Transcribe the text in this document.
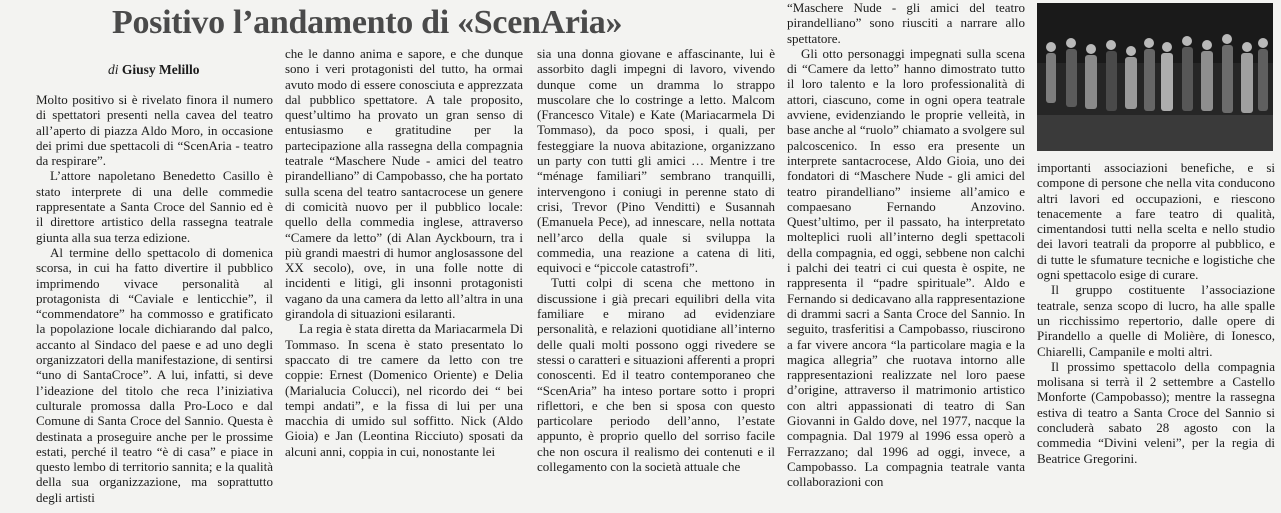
Positivo l’andamento di «ScenAria»
di Giusy Melillo

Molto positivo si è rivelato finora il numero di spettatori presenti nella cavea del teatro all’aperto di piazza Aldo Moro, in occasione dei primi due spettacoli di “ScenAria - teatro da respirare”.

L’attore napoletano Benedetto Casillo è stato interprete di una delle commedie rappresentate a Santa Croce del Sannio ed è il direttore artistico della rassegna teatrale giunta alla sua terza edizione.

Al termine dello spettacolo di domenica scorsa, in cui ha fatto divertire il pubblico imprimendo vivace personalità al protagonista di “Caviale e lenticchie”, il “commendatore” ha commosso e gratificato la popolazione locale dichiarando dal palco, accanto al Sindaco del paese e ad uno degli organizzatori della manifestazione, di sentirsi “uno di SantaCroce”. A lui, infatti, si deve l’ideazione del titolo che reca l’iniziativa culturale promossa dalla Pro-Loco e dal Comune di Santa Croce del Sannio. Questa è destinata a proseguire anche per le prossime estati, perché il teatro “è di casa” e piace in questo lembo di territorio sannita; e la qualità della sua organizzazione, ma soprattutto degli artisti

che le danno anima e sapore, e che dunque sono i veri protagonisti del tutto, ha ormai avuto modo di essere conosciuta e apprezzata dal pubblico spettatore. A tale proposito, quest’ultimo ha provato un gran senso di entusiasmo e gratitudine per la partecipazione alla rassegna della compagnia teatrale “Maschere Nude - amici del teatro pirandelliano” di Campobasso, che ha portato sulla scena del teatro santacrocese un genere di comicità nuovo per il pubblico locale: quello della commedia inglese, attraverso “Camere da letto” (di Alan Ayckbourn, tra i più grandi maestri di humor anglosassone del XX secolo), ove, in una folle notte di incidenti e litigi, gli insonni protagonisti vagano da una camera da letto all’altra in una girandola di situazioni esilaranti.

La regia è stata diretta da Mariacarmela Di Tommaso. In scena è stato presentato lo spaccato di tre camere da letto con tre coppie: Ernest (Domenico Oriente) e Delia (Marialucia Colucci), nel ricordo dei “ bei tempi andati”, e la fissa di lui per una macchia di umido sul soffitto. Nick (Aldo Gioia) e Jan (Leontina Ricciuto) sposati da alcuni anni, coppia in cui, nonostante lei

sia una donna giovane e affascinante, lui è assorbito dagli impegni di lavoro, vivendo dunque come un dramma lo strappo muscolare che lo costringe a letto. Malcom (Francesco Vitale) e Kate (Mariacarmela Di Tommaso), da poco sposi, i quali, per festeggiare la nuova abitazione, organizzano un party con tutti gli amici … Mentre i tre “ménage familiari” sembrano tranquilli, intervengono i coniugi in perenne stato di crisi, Trevor (Pino Venditti) e Susannah (Emanuela Pece), ad innescare, nella nottata nell’arco della quale si sviluppa la commedia, una reazione a catena di liti, equivoci e “piccole catastrofi”.

Tutti colpi di scena che mettono in discussione i già precari equilibri della vita familiare e mirano ad evidenziare personalità, e relazioni quotidiane all’interno delle quali molti possono oggi rivedere se stessi o caratteri e situazioni afferenti a propri conoscenti. Ed il teatro contemporaneo che “ScenAria” ha inteso portare sotto i propri riflettori, e che ben si sposa con questo particolare periodo dell’anno, l’estate appunto, è proprio quello del sorriso facile che non oscura il realismo dei contenuti e il collegamento con la società attuale che

“Maschere Nude - gli amici del teatro pirandelliano” sono riusciti a narrare allo spettatore.

Gli otto personaggi impegnati sulla scena di “Camere da letto” hanno dimostrato tutto il loro talento e la loro professionalità di attori, ciascuno, come in ogni opera teatrale avviene, evidenziando le proprie velleità, in base anche al “ruolo” chiamato a svolgere sul palcoscenico. In esso era presente un interprete santacrocese, Aldo Gioia, uno dei fondatori di “Maschere Nude - gli amici del teatro pirandelliano” insieme all’amico e compaesano Fernando Anzovino. Quest’ultimo, per il passato, ha interpretato molteplici ruoli all’interno degli spettacoli della compagnia, ed oggi, sebbene non calchi i palchi dei teatri ci cui questa è ospite, ne rappresenta il “padre spirituale”. Aldo e Fernando si dedicavano alla rappresentazione di drammi sacri a Santa Croce del Sannio. In seguito, trasferitisi a Campobasso, riuscirono a far vivere ancora “la particolare magia e la magica allegria” che ruotava intorno alle rappresentazioni realizzate nel loro paese d’origine, attraverso il matrimonio artistico con altri appassionati di teatro di San Giovanni in Galdo dove, nel 1977, nacque la compagnia. Dal 1979 al 1996 essa operò a Ferrazzano; dal 1996 ad oggi, invece, a Campobasso. La compagnia teatrale vanta collaborazioni con

importanti associazioni benefiche, e si compone di persone che nella vita conducono altri lavori ed occupazioni, e riescono tenacemente a fare teatro di qualità, cimentandosi tutti nella scelta e nello studio dei lavori teatrali da proporre al pubblico, e di tutte le sfumature tecniche e logistiche che ogni spettacolo esige di curare.

Il gruppo costituente l’associazione teatrale, senza scopo di lucro, ha alle spalle un ricchissimo repertorio, dalle opere di Pirandello a quelle di Molière, di Ionesco, Chiarelli, Campanile e molti altri.

Il prossimo spettacolo della compagnia molisana si terrà il 2 settembre a Castello Monforte (Campobasso); mentre la rassegna estiva di teatro a Santa Croce del Sannio si concluderà sabato 28 agosto con la commedia “Divini veleni”, per la regia di Beatrice Gregorini.
